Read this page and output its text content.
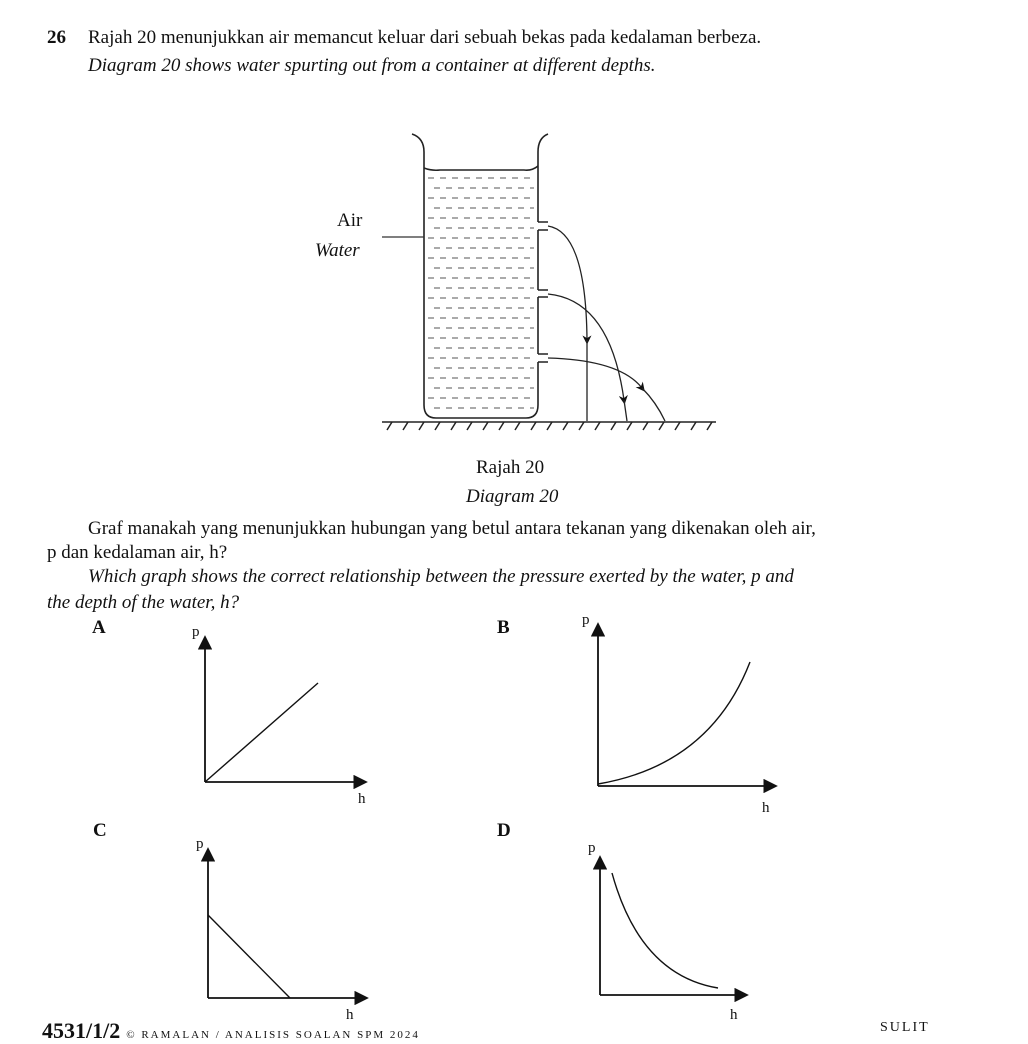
26 Rajah 20 menunjukkan air memancut keluar dari sebuah bekas pada kedalaman berbeza.
Diagram 20 shows water spurting out from a container at different depths.
Air
Water
Rajah 20
Diagram 20
Graf manakah yang menunjukkan hubungan yang betul antara tekanan yang dikenakan oleh air,
p dan kedalaman air, h?
Which graph shows the correct relationship between the pressure exerted by the water, p and
the depth of the water, h?
A	p
h
B	p
h
C
p
h
D
p
h
4531/1/2 © RAMALAN / ANALISIS SOALAN SPM 2024	SULIT
